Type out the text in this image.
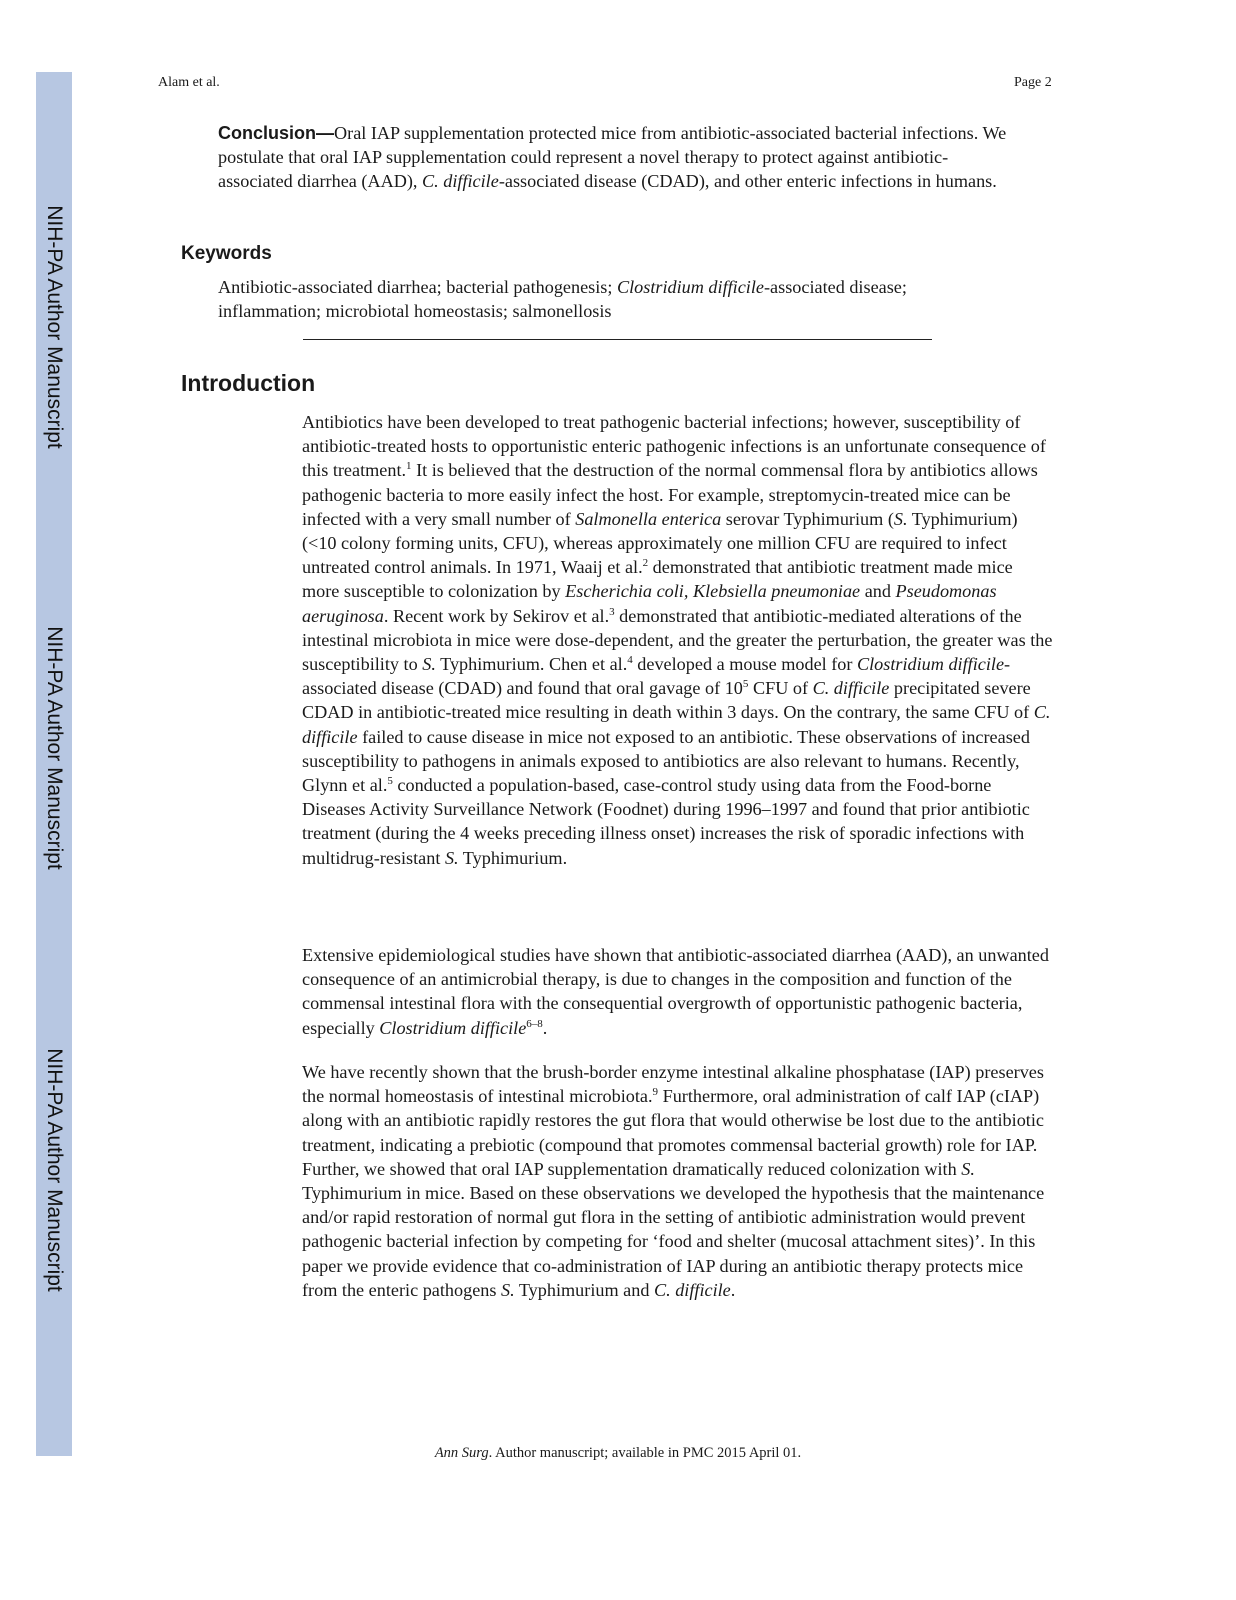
NIH-PA Author Manuscript
NIH-PA Author Manuscript
NIH-PA Author Manuscript
Alam et al.	Page 2
Conclusion—Oral IAP supplementation protected mice from antibiotic-associated bacterial infections. We postulate that oral IAP supplementation could represent a novel therapy to protect against antibiotic-associated diarrhea (AAD), C. difficile-associated disease (CDAD), and other enteric infections in humans.
Keywords
Antibiotic-associated diarrhea; bacterial pathogenesis; Clostridium difficile-associated disease; inflammation; microbiotal homeostasis; salmonellosis
Introduction

Antibiotics have been developed to treat pathogenic bacterial infections; however, susceptibility of antibiotic-treated hosts to opportunistic enteric pathogenic infections is an unfortunate consequence of this treatment.$^1$ It is believed that the destruction of the normal commensal flora by antibiotics allows pathogenic bacteria to more easily infect the host. For example, streptomycin-treated mice can be infected with a very small number of Salmonella enterica serovar Typhimurium (S. Typhimurium) (<10 colony forming units, CFU), whereas approximately one million CFU are required to infect untreated control animals. In 1971, Waaij et al.$^2$ demonstrated that antibiotic treatment made mice more susceptible to colonization by Escherichia coli, Klebsiella pneumoniae and Pseudomonas aeruginosa. Recent work by Sekirov et al.$^3$ demonstrated that antibiotic-mediated alterations of the intestinal microbiota in mice were dose-dependent, and the greater the perturbation, the greater was the susceptibility to S. Typhimurium. Chen et al.$^4$ developed a mouse model for Clostridium difficile-associated disease (CDAD) and found that oral gavage of $10^5$ CFU of C. difficile precipitated severe CDAD in antibiotic-treated mice resulting in death within 3 days. On the contrary, the same CFU of C. difficile failed to cause disease in mice not exposed to an antibiotic. These observations of increased susceptibility to pathogens in animals exposed to antibiotics are also relevant to humans. Recently, Glynn et al.$^5$ conducted a population-based, case-control study using data from the Food-borne Diseases Activity Surveillance Network (Foodnet) during 1996–1997 and found that prior antibiotic treatment (during the 4 weeks preceding illness onset) increases the risk of sporadic infections with multidrug-resistant S. Typhimurium.

Extensive epidemiological studies have shown that antibiotic-associated diarrhea (AAD), an unwanted consequence of an antimicrobial therapy, is due to changes in the composition and function of the commensal intestinal flora with the consequential overgrowth of opportunistic pathogenic bacteria, especially Clostridium difficile$^{6-8}$.

We have recently shown that the brush-border enzyme intestinal alkaline phosphatase (IAP) preserves the normal homeostasis of intestinal microbiota.$^9$ Furthermore, oral administration of calf IAP (cIAP) along with an antibiotic rapidly restores the gut flora that would otherwise be lost due to the antibiotic treatment, indicating a prebiotic (compound that promotes commensal bacterial growth) role for IAP. Further, we showed that oral IAP supplementation dramatically reduced colonization with S. Typhimurium in mice. Based on these observations we developed the hypothesis that the maintenance and/or rapid restoration of normal gut flora in the setting of antibiotic administration would prevent pathogenic bacterial infection by competing for ‘food and shelter (mucosal attachment sites)’. In this paper we provide evidence that co-administration of IAP during an antibiotic therapy protects mice from the enteric pathogens S. Typhimurium and C. difficile.

Ann Surg. Author manuscript; available in PMC 2015 April 01.
